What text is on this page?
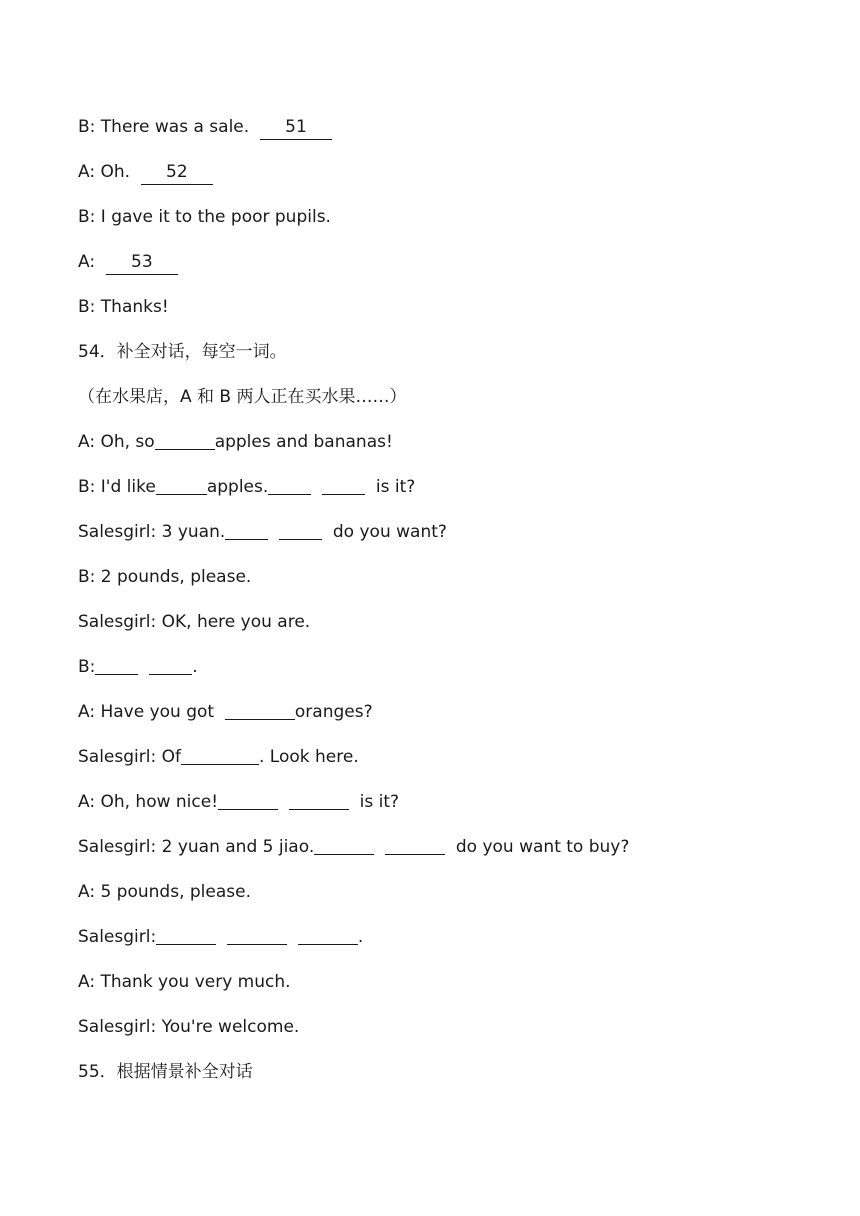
B: There was a sale. 51
A: Oh. 52
B: I gave it to the poor pupils.
A: 53
B: Thanks!
54．补全对话，每空一词。
（在水果店，A 和 B 两人正在买水果……）
A: Oh, so	apples and bananas!
B: I'd like	apples.	is it?
Salesgirl: 3 yuan.	do you want?
B: 2 pounds, please.
Salesgirl: OK, here you are.
B:	.
A: Have you got	oranges?
Salesgirl: Of	. Look here.
A: Oh, how nice!	is it?
Salesgirl: 2 yuan and 5 jiao.	do you want to buy?
A: 5 pounds, please.
Salesgirl:	.
A: Thank you very much.
Salesgirl: You're welcome.
55．根据情景补全对话
